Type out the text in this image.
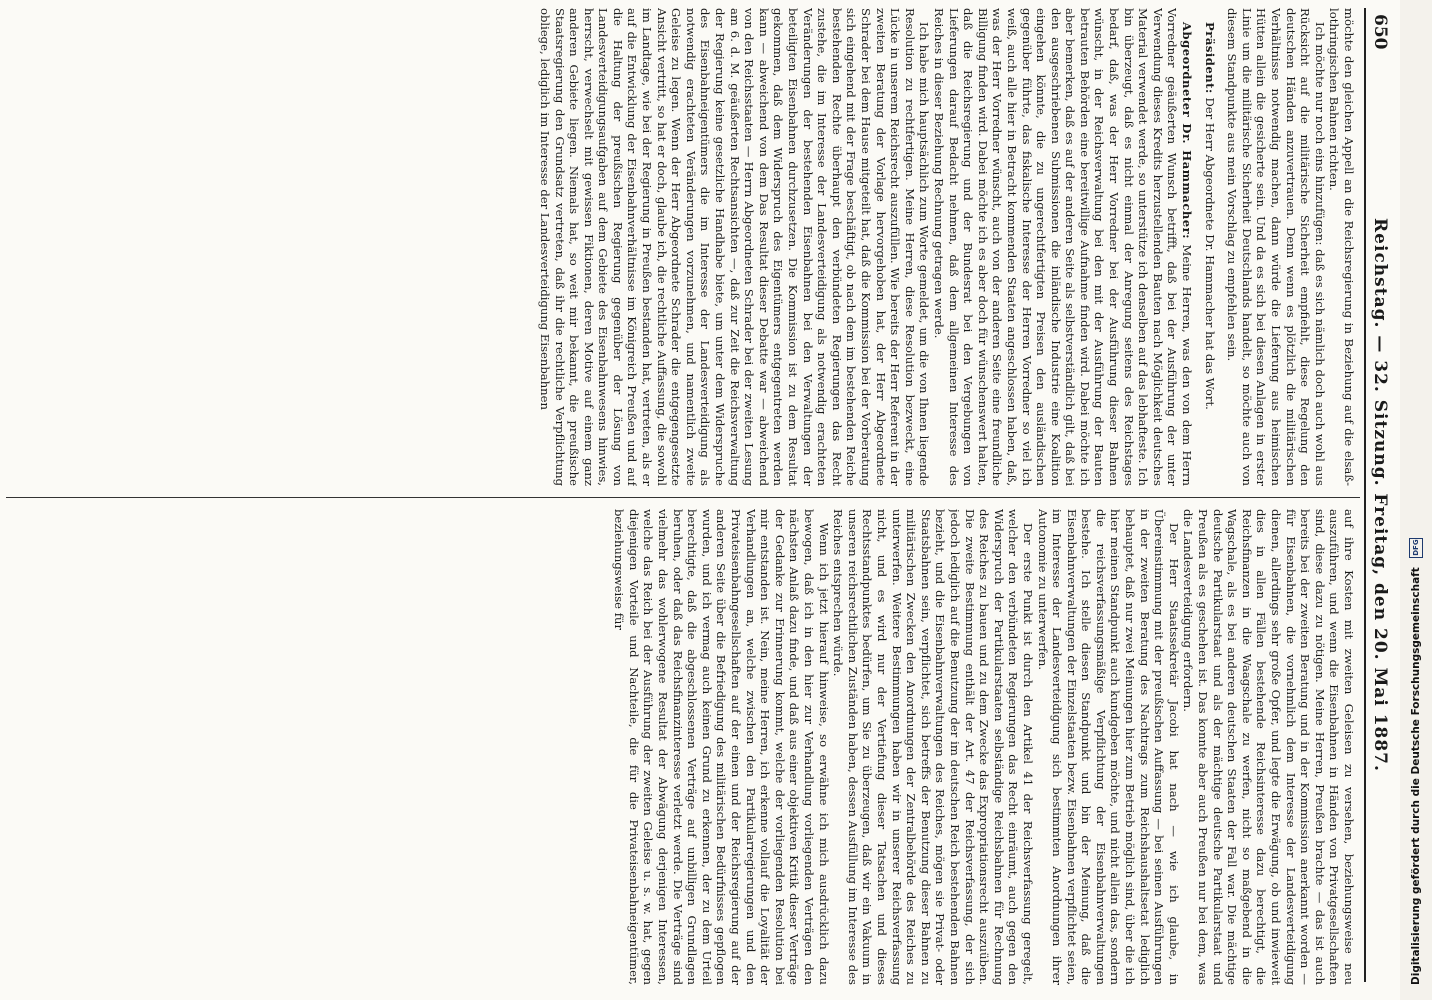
650
Reichstag. — 32. Sitzung. Freitag, den 20. Mai 1887.

möchte den gleichen Appell an die Reichsregierung in Beziehung auf die elsaß-lothringischen Bahnen richten.

Ich möchte nur noch eins hinzufügen: daß es sich nämlich doch auch wohl aus Rücksicht auf die militärische Sicherheit empfiehlt, diese Regelung den deutschen Händen anzuvertrauen. Denn wenn es plötzlich die militärischen Verhältnisse notwendig machen, dann würde die Lieferung aus heimischen Hütten allein die gesicherte sein. Und da es sich bei diesen Anlagen in erster Linie um die militärische Sicherheit Deutschlands handelt, so möchte auch von diesem Standpunkte aus mein Vorschlag zu empfehlen sein.

Präsident: Der Herr Abgeordnete Dr. Hammacher hat das Wort.

Abgeordneter Dr. Hammacher: Meine Herren, was den von dem Herrn Vorredner geäußerten Wunsch betrifft, daß bei der Ausführung der unter Verwendung dieses Kredits herzustellenden Bauten nach Möglichkeit deutsches Material verwendet werde, so unterstütze ich denselben auf das lebhafteste. Ich bin überzeugt, daß es nicht einmal der Anregung seitens des Reichstages bedarf, daß, was der Herr Vorredner bei der Ausführung dieser Bahnen wünscht, in der Reichsverwaltung bei den mit der Ausführung der Bauten betrauten Behörden eine bereitwillige Aufnahme finden wird. Dabei möchte ich aber bemerken, daß es auf der anderen Seite als selbstverständlich gilt, daß bei den ausgeschriebenen Submissionen die inländische Industrie eine Koalition eingehen könnte, die zu ungerechtfertigten Preisen den ausländischen gegenüber führte, das fiskalische Interesse der Herren Vorredner so viel ich weiß, auch alle hier in Betracht kommenden Staaten angeschlossen haben, daß, was der Herr Vorredner wünscht, auch von der anderen Seite eine freundliche Billigung finden wird. Dabei möchte ich es aber doch für wünschenswert halten, daß die Reichsregierung und der Bundesrat bei den Vergebungen von Lieferungen darauf Bedacht nehmen, daß dem allgemeinen Interesse des Reiches in dieser Beziehung Rechnung getragen werde.

Ich habe mich hauptsächlich zum Worte gemeldet, um die von Ihnen liegende Resolution zu rechtfertigen. Meine Herren, diese Resolution bezweckt, eine Lücke in unserem Reichsrecht auszufüllen. Wie bereits der Herr Referent in der zweiten Beratung der Vorlage hervorgehoben hat, der Herr Abgeordnete Schrader bei dem Hause mitgeteilt hat, daß die Kommission bei der Vorberatung sich eingehend mit der Frage beschäftigt, ob nach dem im bestehenden Reiche bestehenden Rechte überhaupt den verbündeten Regierungen das Recht zustehe, die im Interesse der Landesverteidigung als notwendig erachteten Veränderungen der bestehenden Eisenbahnen bei den Verwaltungen der beteiligten Eisenbahnen durchzusetzen. Die Kommission ist zu dem Resultat gekommen, daß dem Widerspruch des Eigentümers entgegentreten werden kann — abweichend von dem Das Resultat dieser Debatte war — abweichend von den Reichsstaaten — Herrn Abgeordneten Schrader bei der zweiten Lesung am 6. d. M. geäußerten Rechtsansichten —, daß zur Zeit die Reichsverwaltung der Regierung keine gesetzliche Handhabe biete, um unter dem Widerspruche des Eisenbahneigentümers die im Interesse der Landesverteidigung als notwendig erachteten Veränderungen vorzunehmen, und namentlich zweite Geleise zu legen. Wenn der Herr Abgeordnete Schrader die entgegengesetzte Ansicht vertritt, so hat er doch, glaube ich, die rechtliche Auffassung, die sowohl im Landtage, wie bei der Regierung in Preußen bestanden hat, vertreten, als er auf die Entwicklung der Eisenbahnverhältnisse im Königreich Preußen und auf die Haltung der preußischen Regierung gegenüber der Lösung von Landesverteidigungsaufgaben auf dem Gebiete des Eisenbahnwesens hinwies, herrscht, verwechselt mit gewissen Fiktionen, deren Motive auf einem ganz anderen Gebiete liegen. Niemals hat, so weit mir bekannt, die preußische Staatsregierung den Grundsatz vertreten, daß ihr die rechtliche Verpflichtung obliege, lediglich im Interesse der Landesverteidigung Eisenbahnen

auf ihre Kosten mit zweiten Geleisen zu versehen, beziehungsweise neu auszuführen, und wenn die Eisenbahnen in Händen von Privatgesellschaften sind, diese dazu zu nötigen. Meine Herren, Preußen brachte — das ist auch bereits bei der zweiten Beratung und in der Kommission anerkannt worden — für Eisenbahnen, die vornehmlich dem Interesse der Landesverteidigung dienen, allerdings sehr große Opfer, und legte die Erwägung, ob und inwieweit dies in allen Fällen bestehende Reichsinteresse dazu berechtigt, die Reichsfinanzen in die Waagschale zu werfen, nicht so maßgebend in die Wagschale, als es bei anderen deutschen Staaten der Fall war. Die mächtige deutsche Partikularstaat und als der mächtige deutsche Partikularstaat und Preußen als es geschehen ist. Das konnte aber auch Preußen nur bei dem, was die Landesverteidigung erfordern.

Der Herr Staatssekretär Jacobi hat nach — wie ich glaube, in Übereinstimmung mit der preußischen Auffassung — bei seinen Ausführungen in der zweiten Beratung des Nachtrags zum Reichshaushaltsetat lediglich behauptet, daß nur zwei Meinungen hier zum Betrieb möglich sind, über die ich hier meinen Standpunkt auch kundgeben möchte, und nicht allein das, sondern die reichsverfassungsmäßige Verpflichtung der Eisenbahnverwaltungen bestehe. Ich stelle diesen Standpunkt und bin der Meinung, daß die Eisenbahnverwaltungen der Einzelstaaten bezw. Eisenbahnen verpflichtet seien, im Interesse der Landesverteidigung sich bestimmten Anordnungen ihrer Autonomie zu unterwerfen.

Der erste Punkt ist durch den Artikel 41 der Reichsverfassung geregelt, welcher den verbündeten Regierungen das Recht einräumt, auch gegen den Widerspruch der Partikularstaaten selbständige Reichsbahnen für Rechnung des Reiches zu bauen und zu dem Zwecke das Expropriationsrecht auszuüben. Die zweite Bestimmung enthält der Art. 47 der Reichsverfassung, der sich jedoch lediglich auf die Benutzung der im deutschen Reich bestehenden Bahnen bezieht, und die Eisenbahnverwaltungen des Reiches, mögen sie Privat- oder Staatsbahnen sein, verpflichtet, sich betreffs der Benutzung dieser Bahnen zu militärischen Zwecken den Anordnungen der Zentralbehörde des Reiches zu unterwerfen. Weitere Bestimmungen haben wir in unserer Reichsverfassung nicht, und es wird nur der Vertiefung dieser Tatsachen und dieses Rechtsstandpunktes bedürfen, um Sie zu überzeugen, daß wir ein Vakuum in unseren reichsrechtlichen Zuständen haben, dessen Ausfüllung im Interesse des Reiches entsprechen würde.

Wenn ich jetzt hierauf hinweise, so erwähne ich mich ausdrücklich dazu bewogen, daß ich in den hier zur Verhandlung vorliegenden Verträgen den nächsten Anlaß dazu finde, und daß aus einer objektiven Kritik dieser Verträge der Gedanke zur Erinnerung kommt, welche der vorliegenden Resolution bei mir entstanden ist. Nein, meine Herren, ich erkenne vollauf die Loyalität der Verhandlungen an, welche zwischen den Partikularregierungen und den Privateisenbahngesellschaften auf der einen und der Reichsregierung auf der anderen Seite über die Befriedigung des militärischen Bedürfnisses gepflogen wurden, und ich vermag auch keinen Grund zu erkennen, der zu dem Urteil berechtigte, daß die abgeschlossenen Verträge auf unbilligen Grundlagen beruhen, oder daß das Reichsfinanzinteresse verletzt werde. Die Verträge sind vielmehr das wohlerwogene Resultat der Abwägung derjenigen Interessen, welche das Reich bei der Ausführung der zweiten Geleise u. s. w. hat, gegen diejenigen Vorteile und Nachteile, die für die Privateisenbahneigentümer, beziehungsweise für	Digitalisierung gefördert durch die Deutsche Forschungsgemeinschaft DFG
